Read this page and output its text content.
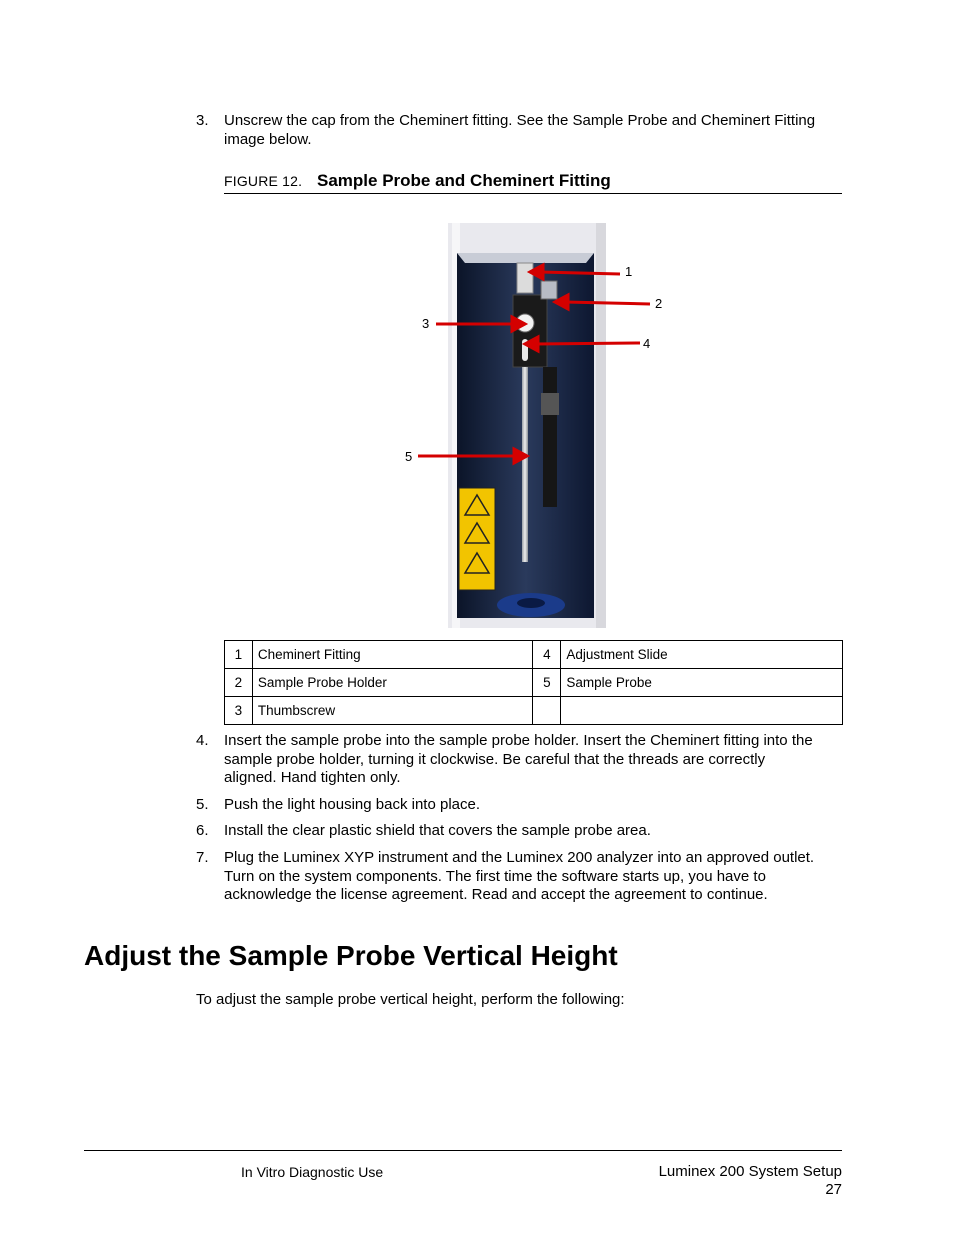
3.	Unscrew the cap from the Cheminert fitting. See the Sample Probe and Cheminert Fitting
image below.
FIGURE 12. Sample Probe and Cheminert Fitting
1
2
3
4
5
1	Cheminert Fitting	4	Adjustment Slide
2	Sample Probe Holder	5	Sample Probe
3	Thumbscrew		
4.	Insert the sample probe into the sample probe holder. Insert the Cheminert fitting into the
sample probe holder, turning it clockwise. Be careful that the threads are correctly
aligned. Hand tighten only.
5.	Push the light housing back into place.
6.	Install the clear plastic shield that covers the sample probe area.
7.	Plug the Luminex XYP instrument and the Luminex 200 analyzer into an approved outlet.
Turn on the system components. The first time the software starts up, you have to
acknowledge the license agreement. Read and accept the agreement to continue.
Adjust the Sample Probe Vertical Height
To adjust the sample probe vertical height, perform the following:
In Vitro Diagnostic Use	Luminex 200 System Setup
27
